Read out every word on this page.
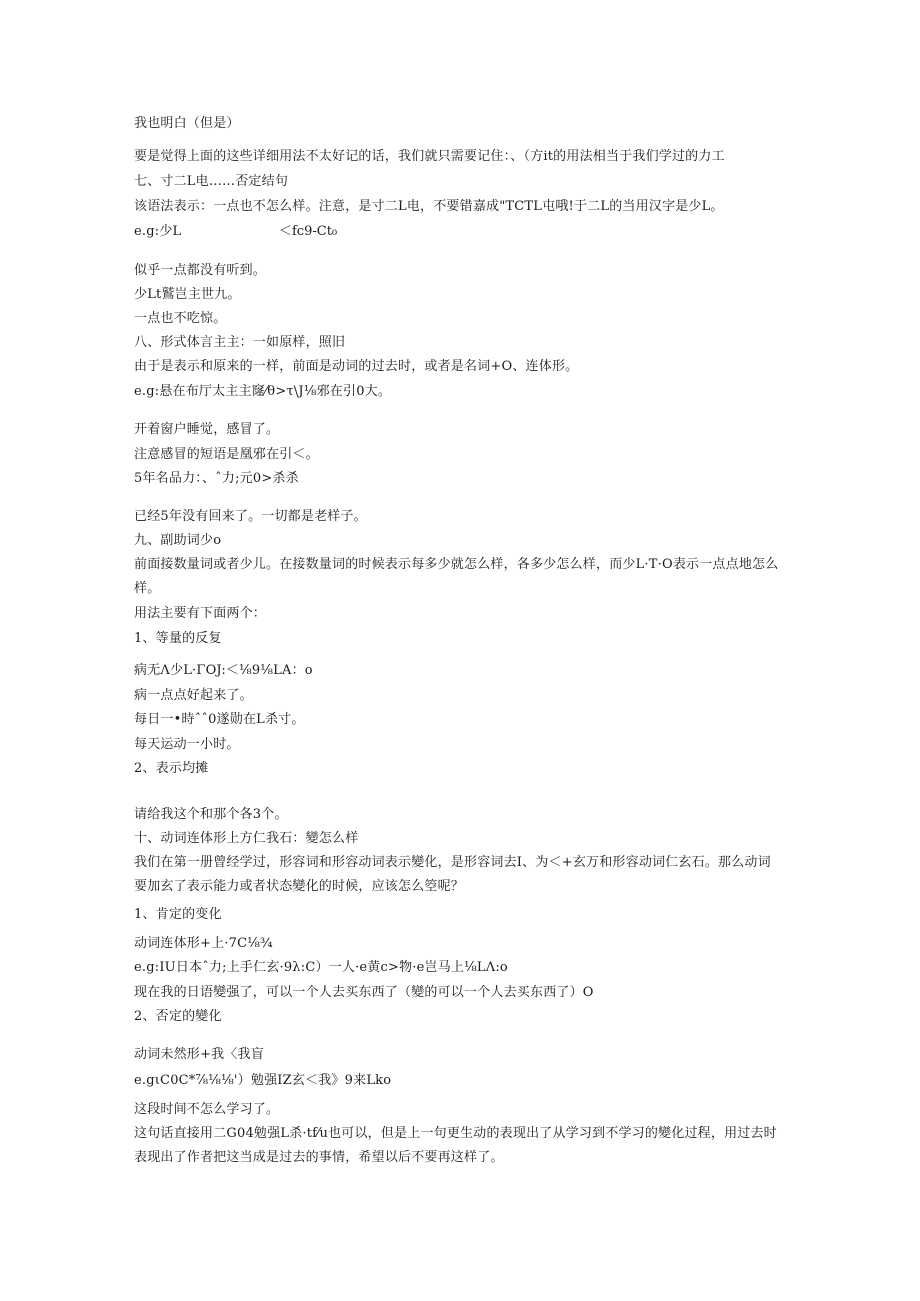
我也明白（但是）
要是觉得上面的这些详细用法不太好记的话，我们就只需要记住：、（方it的用法相当于我们学过的力工
七、寸二L电……否定结句
该语法表示：一点也不怎么样。注意，是寸二L电，不要错嘉成"TCTL屯哦!于二L的当用汉字是少L。
e.g:少L	＜fc9-Ct₀
似乎一点都没有听到。
少Lt鷲岂主世九。
一点也不吃惊。
八、形式体言主主：一如原样，照旧
由于是表示和原来的一样，前面是动词的过去时，或者是名词+O、连体形。
e.g:悬在布厅太主主窿⁄θ>τ\J⅛邪在引0大。
开着窗户睡觉，感冒了。
注意感冒的短语是凰邪在引＜。
5年名品力：、ˆ力;元0>杀杀
已经5年没有回来了。一切都是老样子。
九、副助词少o
前面接数量词或者少儿。在接数量词的时候表示每多少就怎么样，各多少怎么样，而少L·T·O表示一点点地怎么样。
用法主要有下面两个：
1、等量的反复
病无Λ少L·ΓOJ:＜⅛9⅛LA：o
病一点点好起来了。
每日一•時ˆˆ0遂勋在L杀寸。
每天运动一小时。
2、表示均摊
请给我这个和那个各3个。
十、动词连体形上方仁我石：變怎么样
我们在第一册曾经学过，形容词和形容动词表示變化，是形容词去I、为＜+玄万和形容动词仁玄石。那么动词要加玄了表示能力或者状态變化的时候，应该怎么箜呢？
1、肯定的变化
动词连体形+上·7C⅛¾
e.g:IU日本ˆ力;上手仁玄·9λ:C）一人·e黄c>物·e岂马上⅛LΛ:o
现在我的日语變强了，可以一个人去买东西了（變的可以一个人去买东西了）O
2、否定的變化
动词未然形+我〈我盲
e.gιC0C*⅞⅛⅛'）勉强IZ玄＜我》9来Lko
这段时间不怎么学习了。
这句话直接用二G04勉强L杀·tf⁄u也可以，但是上一句更生动的表现出了从学习到不学习的變化过程，用过去时表现出了作者把这当成是过去的事情，希望以后不要再这样了。
